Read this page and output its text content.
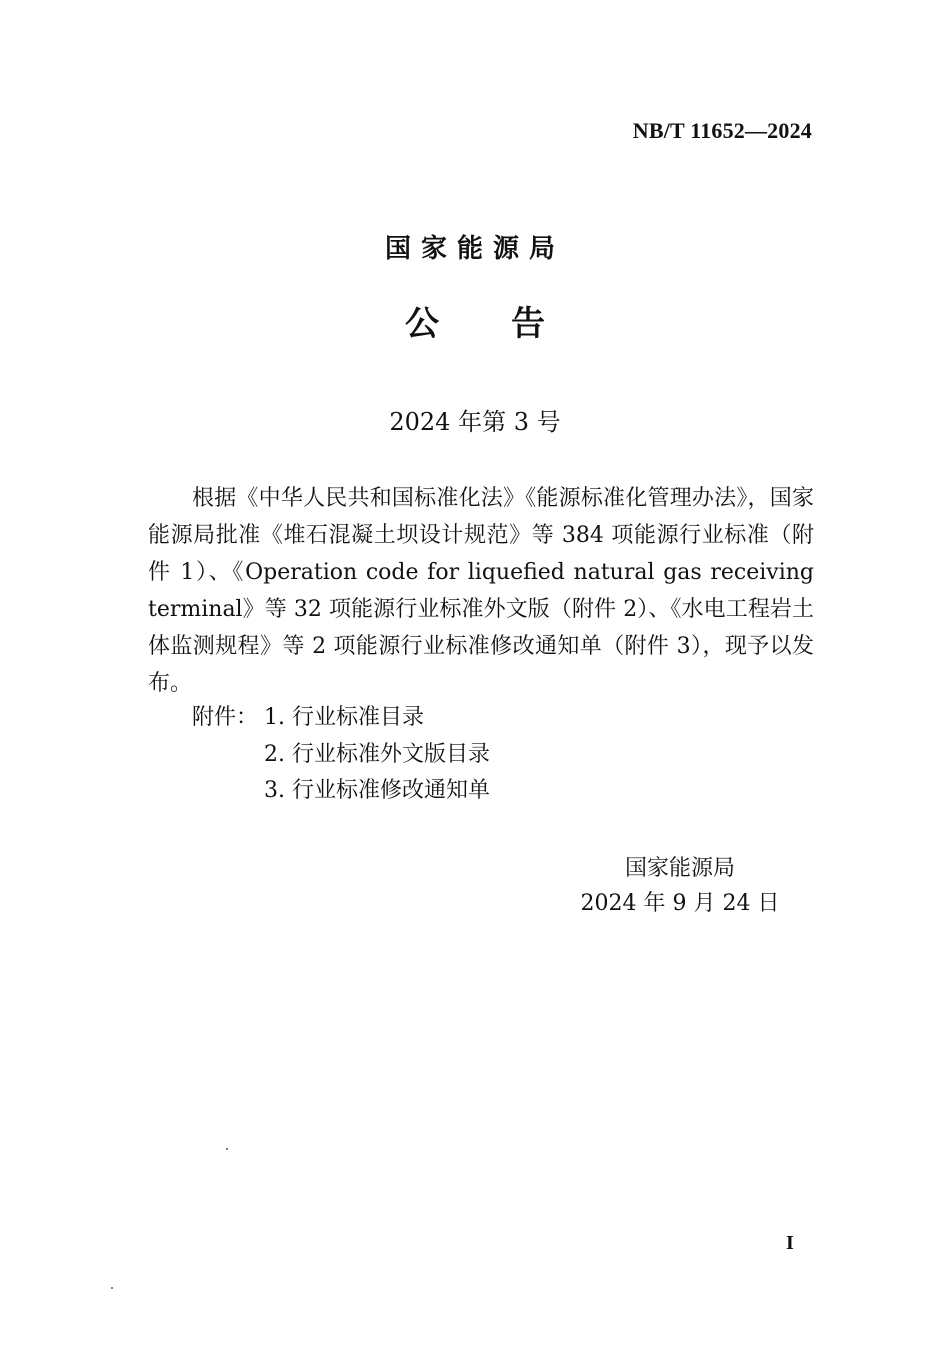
NB/T 11652—2024
国家能源局
公告
2024 年第 3 号

根据《中华人民共和国标准化法》《能源标准化管理办法》，国家能源局批准《堆石混凝土坝设计规范》等 384 项能源行业标准（附件 1）、《Operation code for liquefied natural gas receiving terminal》等 32 项能源行业标准外文版（附件 2）、《水电工程岩土体监测规程》等 2 项能源行业标准修改通知单（附件 3），现予以发布。

附件： 1. 行业标准目录
2. 行业标准外文版目录
3. 行业标准修改通知单
国家能源局
2024 年 9 月 24 日
I
